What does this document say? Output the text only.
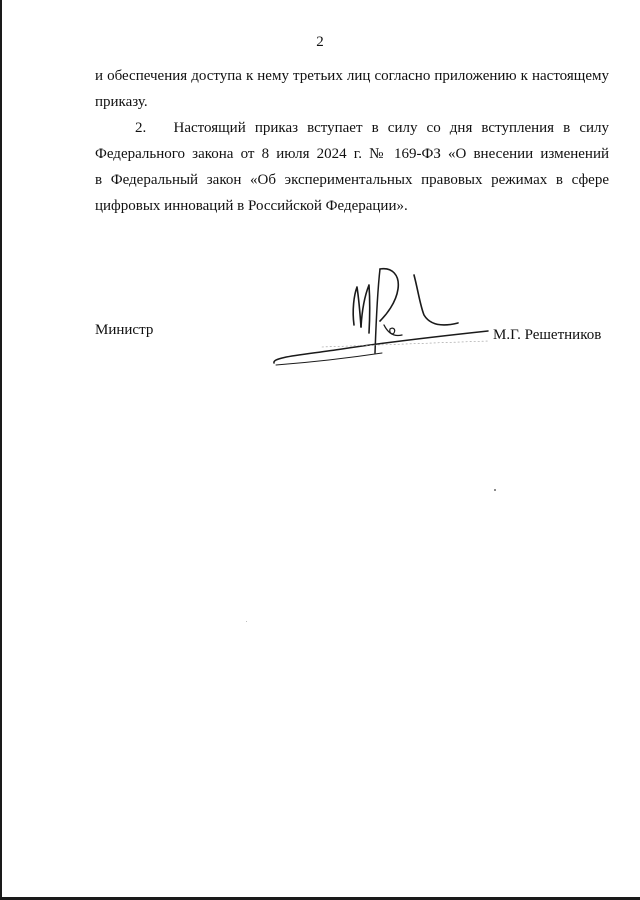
2
и обеспечения доступа к нему третьих лиц согласно приложению к настоящему
приказу.
2.   Настоящий приказ вступает в силу со дня вступления в силу
Федерального закона от 8 июля 2024 г. № 169-ФЗ «О внесении изменений
в Федеральный закон «Об экспериментальных правовых режимах в сфере
цифровых инноваций в Российской Федерации».
Министр	М.Г. Решетников
